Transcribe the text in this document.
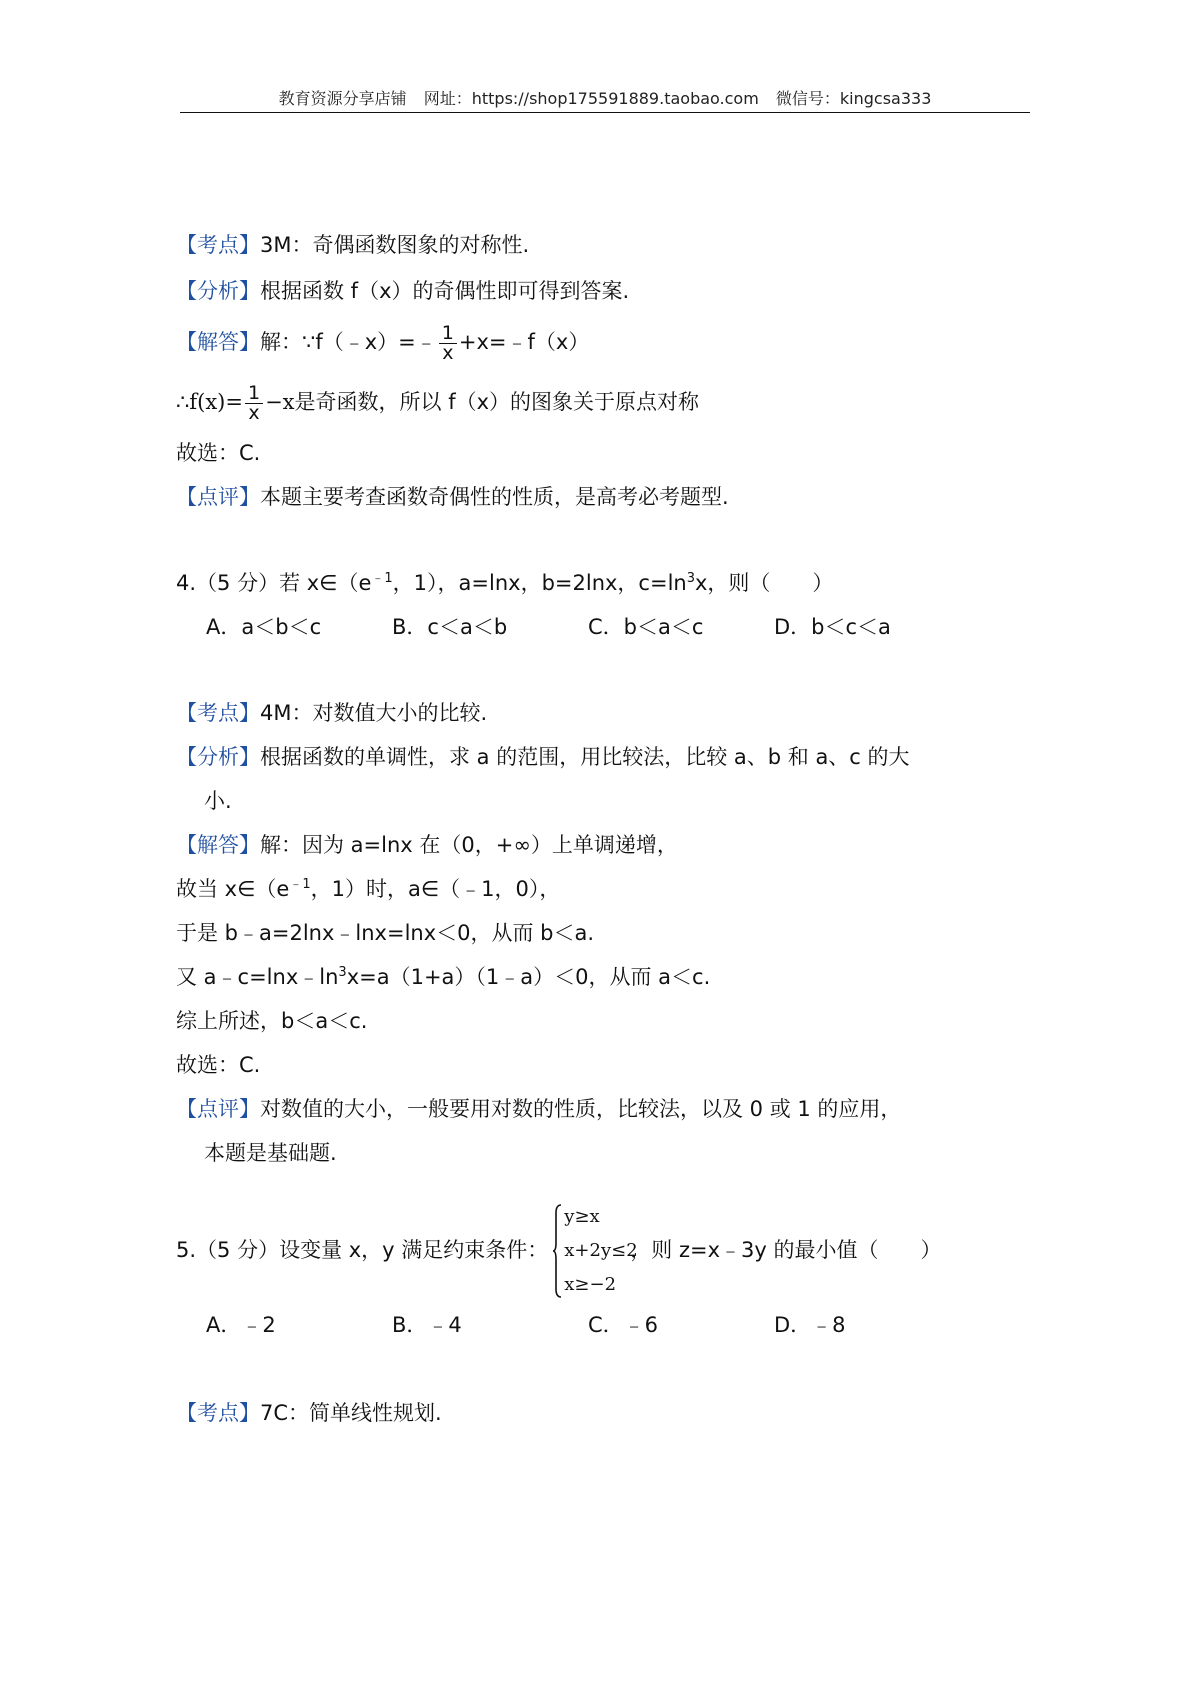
教育资源分享店铺 网址：https://shop175591889.taobao.com 微信号：kingcsa333
【考点】3M：奇偶函数图象的对称性.
【分析】根据函数 f（x）的奇偶性即可得到答案.
【解答】解：∵f（﹣x）=﹣ $\frac{1}{x}$ +x=﹣f（x）
∴f(x)= $\frac{1}{x} -x$是奇函数，所以 f（x）的图象关于原点对称
故选：C.
【点评】本题主要考查函数奇偶性的性质，是高考必考题型.
4.（5 分）若 $x\in(e^{﹣1}$，1），a=lnx，b=2lnx，$c=\ln^3x$，则（　　）
A．a＜b＜c	B．c＜a＜b	C．b＜a＜c	D．b＜c＜a
【考点】4M：对数值大小的比较.
【分析】根据函数的单调性，求 a 的范围，用比较法，比较 a、b 和 a、c 的大
小.
【解答】解：因为 a=lnx 在（0，+∞）上单调递增，
故当 $x\in(e^{﹣1}$，1）时，a∈（﹣1，0），
于是 b﹣a=2lnx﹣lnx=lnx＜0，从而 b＜a.
又 $a﹣c=\ln x﹣\ln^3x=a(1+a)(1﹣a)<0$，从而 a＜c.
综上所述，b＜a＜c.
故选：C.
【点评】对数值的大小，一般要用对数的性质，比较法，以及 0 或 1 的应用，
本题是基础题.
5.（5 分）设变量 x，y 满足约束条件：
y≥x
x+2y≤2
x≥−2
，则 z=x﹣3y 的最小值（　　）
A．﹣2	B．﹣4	C．﹣6	D．﹣8
【考点】7C：简单线性规划.
